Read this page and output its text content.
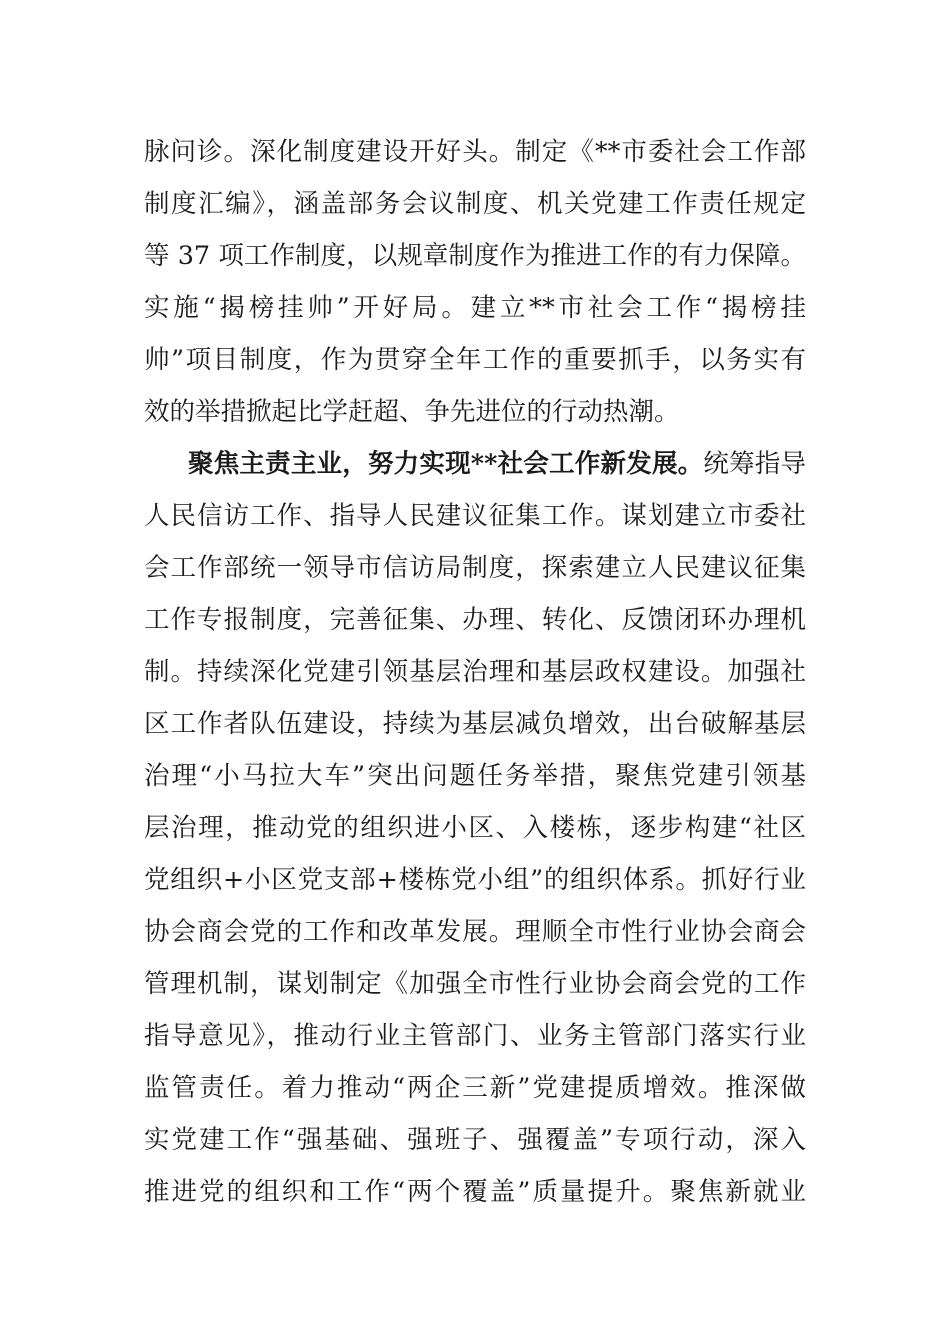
脉问诊。深化制度建设开好头。制定《**市委社会工作部
制度汇编》，涵盖部务会议制度、机关党建工作责任规定
等 37 项工作制度，以规章制度作为推进工作的有力保障。
实施“揭榜挂帅”开好局。建立**市社会工作“揭榜挂
帅”项目制度，作为贯穿全年工作的重要抓手，以务实有
效的举措掀起比学赶超、争先进位的行动热潮。
聚焦主责主业，努力实现**社会工作新发展。统筹指导
人民信访工作、指导人民建议征集工作。谋划建立市委社
会工作部统一领导市信访局制度，探索建立人民建议征集
工作专报制度，完善征集、办理、转化、反馈闭环办理机
制。持续深化党建引领基层治理和基层政权建设。加强社
区工作者队伍建设，持续为基层减负增效，出台破解基层
治理“小马拉大车”突出问题任务举措，聚焦党建引领基
层治理，推动党的组织进小区、入楼栋，逐步构建“社区
党组织+小区党支部+楼栋党小组”的组织体系。抓好行业
协会商会党的工作和改革发展。理顺全市性行业协会商会
管理机制，谋划制定《加强全市性行业协会商会党的工作
指导意见》，推动行业主管部门、业务主管部门落实行业
监管责任。着力推动“两企三新”党建提质增效。推深做
实党建工作“强基础、强班子、强覆盖”专项行动，深入
推进党的组织和工作“两个覆盖”质量提升。聚焦新就业
